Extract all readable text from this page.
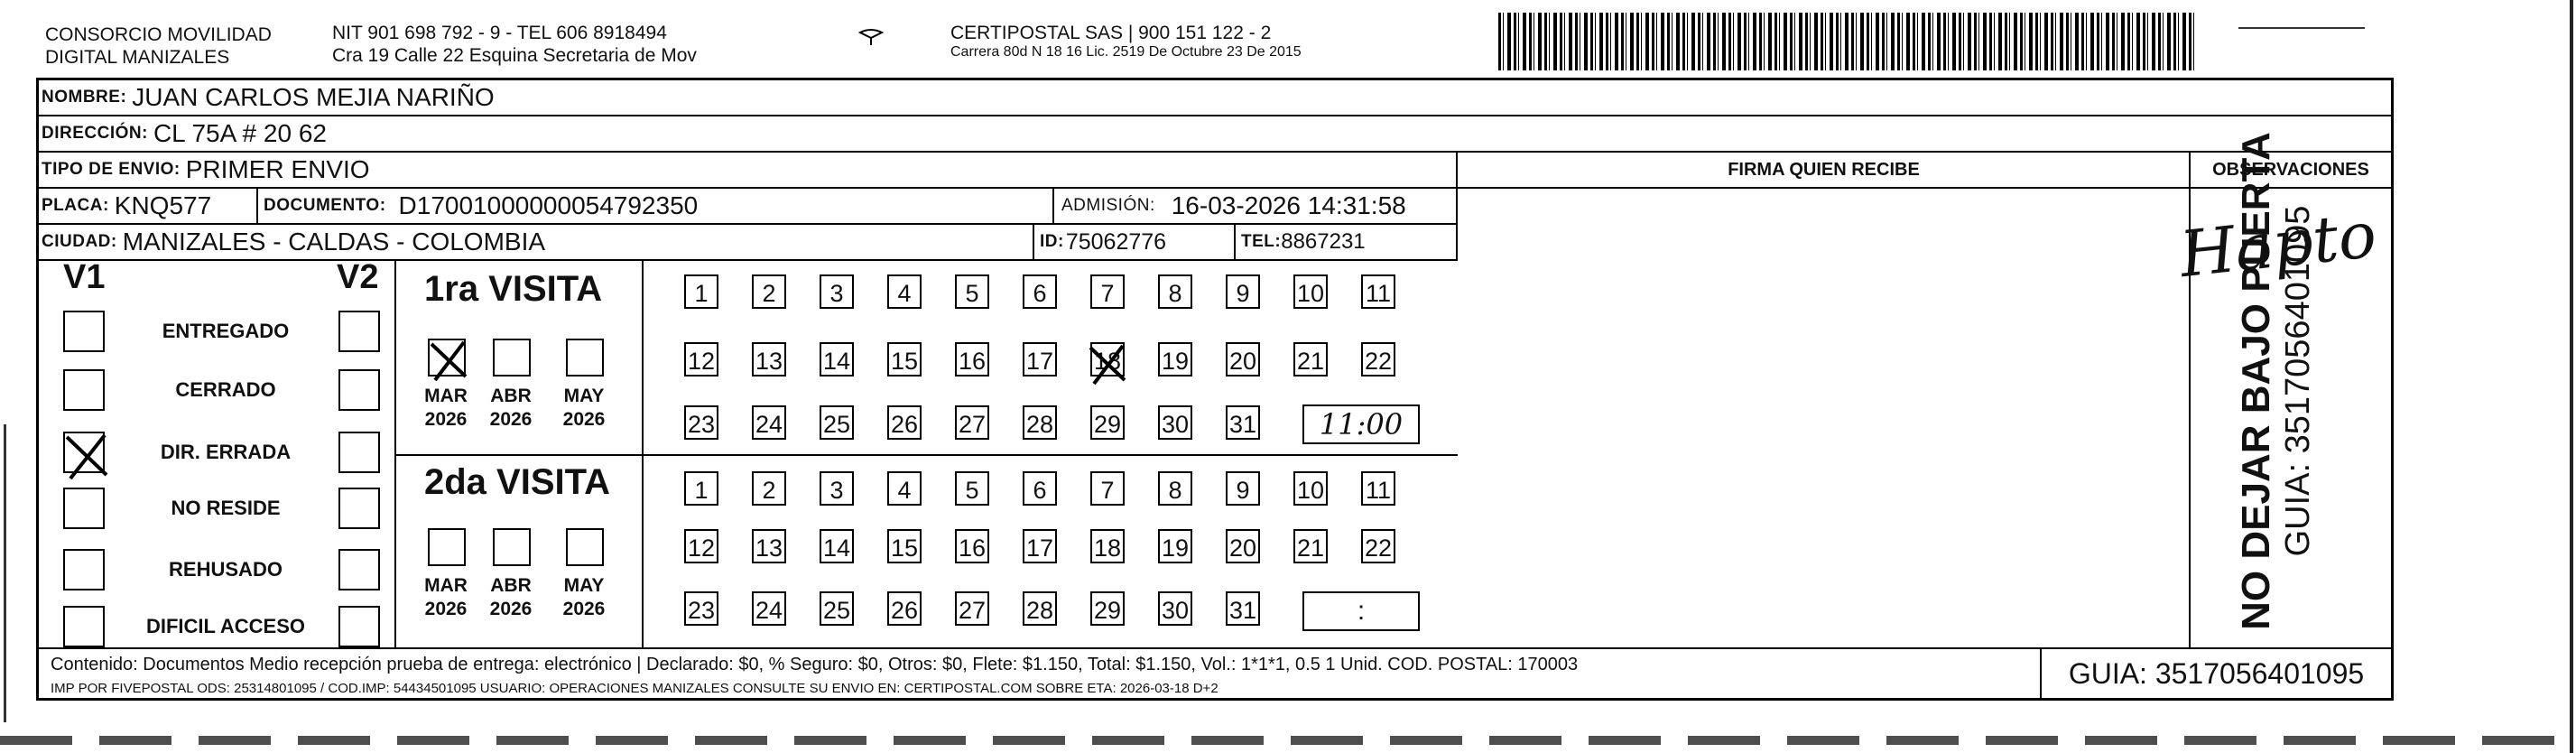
CONSORCIO MOVILIDAD
DIGITAL MANIZALES
NIT 901 698 792 - 9 - TEL 606 8918494
Cra 19 Calle 22 Esquina Secretaria de Mov
CERTIPOSTAL SAS | 900 151 122 - 2
Carrera 80d N 18 16 Lic. 2519 De Octubre 23 De 2015
NOMBRE: JUAN CARLOS MEJIA NARIÑO
DIRECCIÓN: CL 75A # 20 62
TIPO DE ENVIO: PRIMER ENVIO
PLACA: KNQ577	DOCUMENTO: D17001000000054792350	ADMISIÓN: 16-03-2026 14:31:58
CIUDAD: MANIZALES - CALDAS - COLOMBIA	ID: 75062776	TEL: 8867231
FIRMA QUIEN RECIBE	OBSERVACIONES
Hapto
V1	V2
ENTREGADO
CERRADO
DIR. ERRADA
NO RESIDE
REHUSADO
DIFICIL ACCESO
1ra VISITA
2da VISITA
MAR
2026
ABR
2026
MAY
2026
MAR
2026
ABR
2026
MAY
2026
1	2	3	4	5	6	7	8	9	10 11
12 13 14 15 16 17 18 19 20 21 22
23 24 25 26 27 28 29 30 31
1	2	3	4	5	6	7	8	9	10 11
12 13 14 15 16 17 18 19 20 21 22
23 24 25 26 27 28 29 30 31
11:00
:
Contenido: Documentos Medio recepción prueba de entrega: electrónico | Declarado: $0, % Seguro: $0, Otros: $0, Flete: $1.150, Total: $1.150, Vol.: 1*1*1, 0.5 1 Unid. COD. POSTAL: 170003
IMP POR FIVEPOSTAL ODS: 25314801095 / COD.IMP: 54434501095 USUARIO: OPERACIONES MANIZALES CONSULTE SU ENVIO EN: CERTIPOSTAL.COM SOBRE ETA: 2026-03-18 D+2	GUIA: 3517056401095
NO DEJAR BAJO PUERTA GUIA: 3517056401095
